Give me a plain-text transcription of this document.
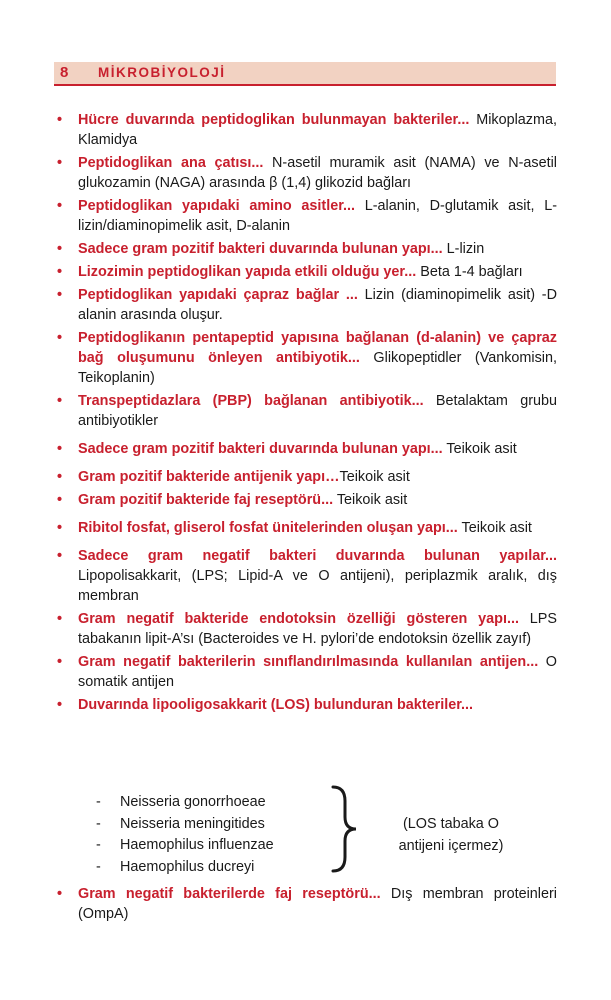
8 MİKROBİYOLOJİ
• Hücre duvarında peptidoglikan bulunmayan bakteriler... Mikoplazma, Klamidya
• Peptidoglikan ana çatısı... N-asetil muramik asit (NAMA) ve N-asetil glukozamin (NAGA) arasında β (1,4) glikozid bağları
• Peptidoglikan yapıdaki amino asitler... L-alanin, D-glutamik asit, L-lizin/diaminopimelik asit, D-alanin
• Sadece gram pozitif bakteri duvarında bulunan yapı... L-lizin
• Lizozimin peptidoglikan yapıda etkili olduğu yer... Beta 1-4 bağları
• Peptidoglikan yapıdaki çapraz bağlar ... Lizin (diaminopimelik asit) -D alanin arasında oluşur.
• Peptidoglikanın pentapeptid yapısına bağlanan (d-alanin) ve çapraz bağ oluşumunu önleyen antibiyotik... Glikopeptidler (Vankomisin, Teikoplanin)
• Transpeptidazlara (PBP) bağlanan antibiyotik... Betalaktam grubu antibiyotikler
• Sadece gram pozitif bakteri duvarında bulunan yapı... Teikoik asit
• Gram pozitif bakteride antijenik yapı…Teikoik asit
• Gram pozitif bakteride faj reseptörü... Teikoik asit
• Ribitol fosfat, gliserol fosfat ünitelerinden oluşan yapı... Teikoik asit
• Sadece gram negatif bakteri duvarında bulunan yapılar... Lipopolisakkarit, (LPS; Lipid-A ve O antijeni), periplazmik aralık, dış membran
• Gram negatif bakteride endotoksin özelliği gösteren yapı... LPS tabakanın lipit-A’sı (Bacteroides ve H. pylori’de endotoksin özellik zayıf)
• Gram negatif bakterilerin sınıflandırılmasında kullanılan antijen... O somatik antijen
• Duvarında lipooligosakkarit (LOS) bulunduran bakteriler...
- Neisseria gonorrhoeae
- Neisseria meningitides
- Haemophilus influenzae
- Haemophilus ducreyi
(LOS tabaka O antijeni içermez)
• Gram negatif bakterilerde faj reseptörü... Dış membran proteinleri (OmpA)
